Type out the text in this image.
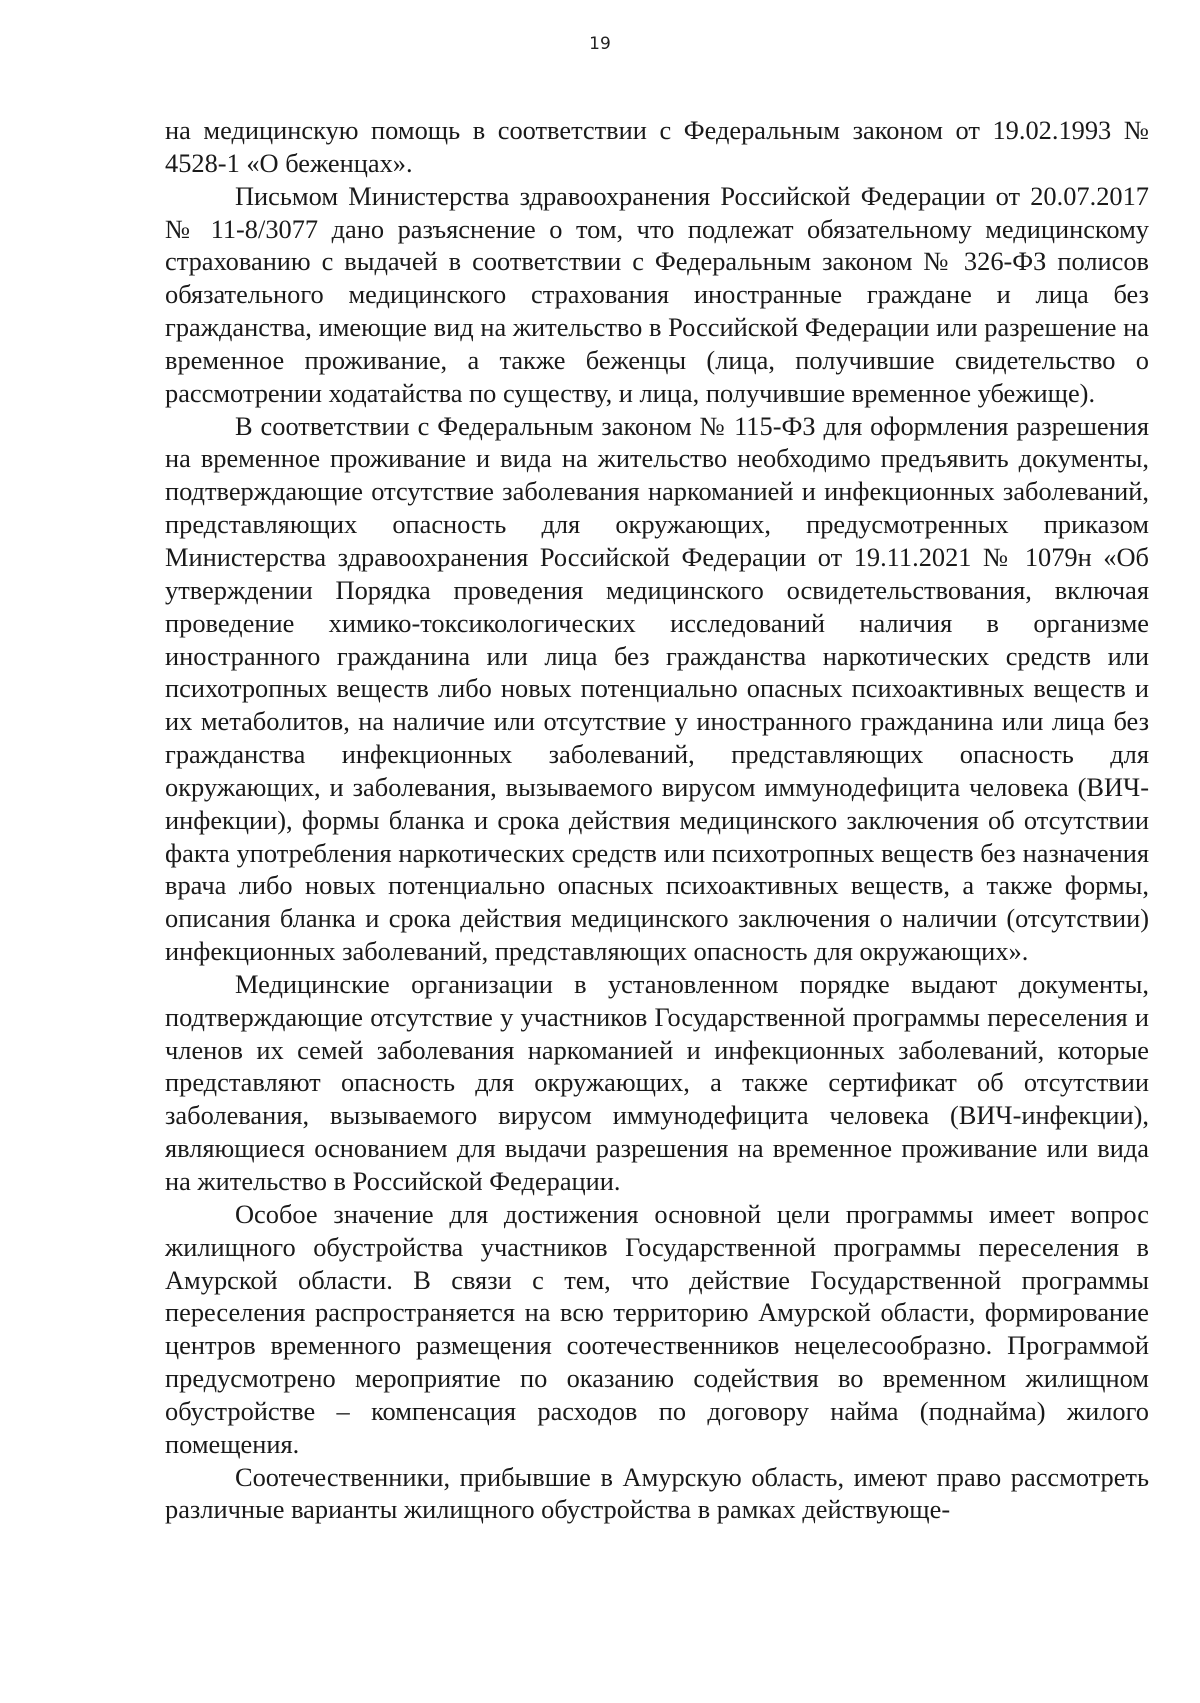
19

на медицинскую помощь в соответствии с Федеральным законом от 19.02.1993 № 4528-1 «О беженцах».

Письмом Министерства здравоохранения Российской Федерации от 20.07.2017 № 11-8/3077 дано разъяснение о том, что подлежат обязательному медицинскому страхованию с выдачей в соответствии с Федеральным законом № 326-ФЗ полисов обязательного медицинского страхования иностранные граждане и лица без гражданства, имеющие вид на жительство в Российской Федерации или разрешение на временное проживание, а также беженцы (лица, получившие свидетельство о рассмотрении ходатайства по существу, и лица, получившие временное убежище).

В соответствии с Федеральным законом № 115-ФЗ для оформления разрешения на временное проживание и вида на жительство необходимо предъявить документы, подтверждающие отсутствие заболевания наркоманией и инфекционных заболеваний, представляющих опасность для окружающих, предусмотренных приказом Министерства здравоохранения Российской Федерации от 19.11.2021 № 1079н «Об утверждении Порядка проведения медицинского освидетельствования, включая проведение химико-токсикологических исследований наличия в организме иностранного гражданина или лица без гражданства наркотических средств или психотропных веществ либо новых потенциально опасных психоактивных веществ и их метаболитов, на наличие или отсутствие у иностранного гражданина или лица без гражданства инфекционных заболеваний, представляющих опасность для окружающих, и заболевания, вызываемого вирусом иммунодефицита человека (ВИЧ-инфекции), формы бланка и срока действия медицинского заключения об отсутствии факта употребления наркотических средств или психотропных веществ без назначения врача либо новых потенциально опасных психоактивных веществ, а также формы, описания бланка и срока действия медицинского заключения о наличии (отсутствии) инфекционных заболеваний, представляющих опасность для окружающих».

Медицинские организации в установленном порядке выдают документы, подтверждающие отсутствие у участников Государственной программы переселения и членов их семей заболевания наркоманией и инфекционных заболеваний, которые представляют опасность для окружающих, а также сертификат об отсутствии заболевания, вызываемого вирусом иммунодефицита человека (ВИЧ-инфекции), являющиеся основанием для выдачи разрешения на временное проживание или вида на жительство в Российской Федерации.

Особое значение для достижения основной цели программы имеет вопрос жилищного обустройства участников Государственной программы переселения в Амурской области. В связи с тем, что действие Государственной программы переселения распространяется на всю территорию Амурской области, формирование центров временного размещения соотечественников нецелесообразно. Программой предусмотрено мероприятие по оказанию содействия во временном жилищном обустройстве – компенсация расходов по договору найма (поднайма) жилого помещения.

Соотечественники, прибывшие в Амурскую область, имеют право рассмотреть различные варианты жилищного обустройства в рамках действующе-
